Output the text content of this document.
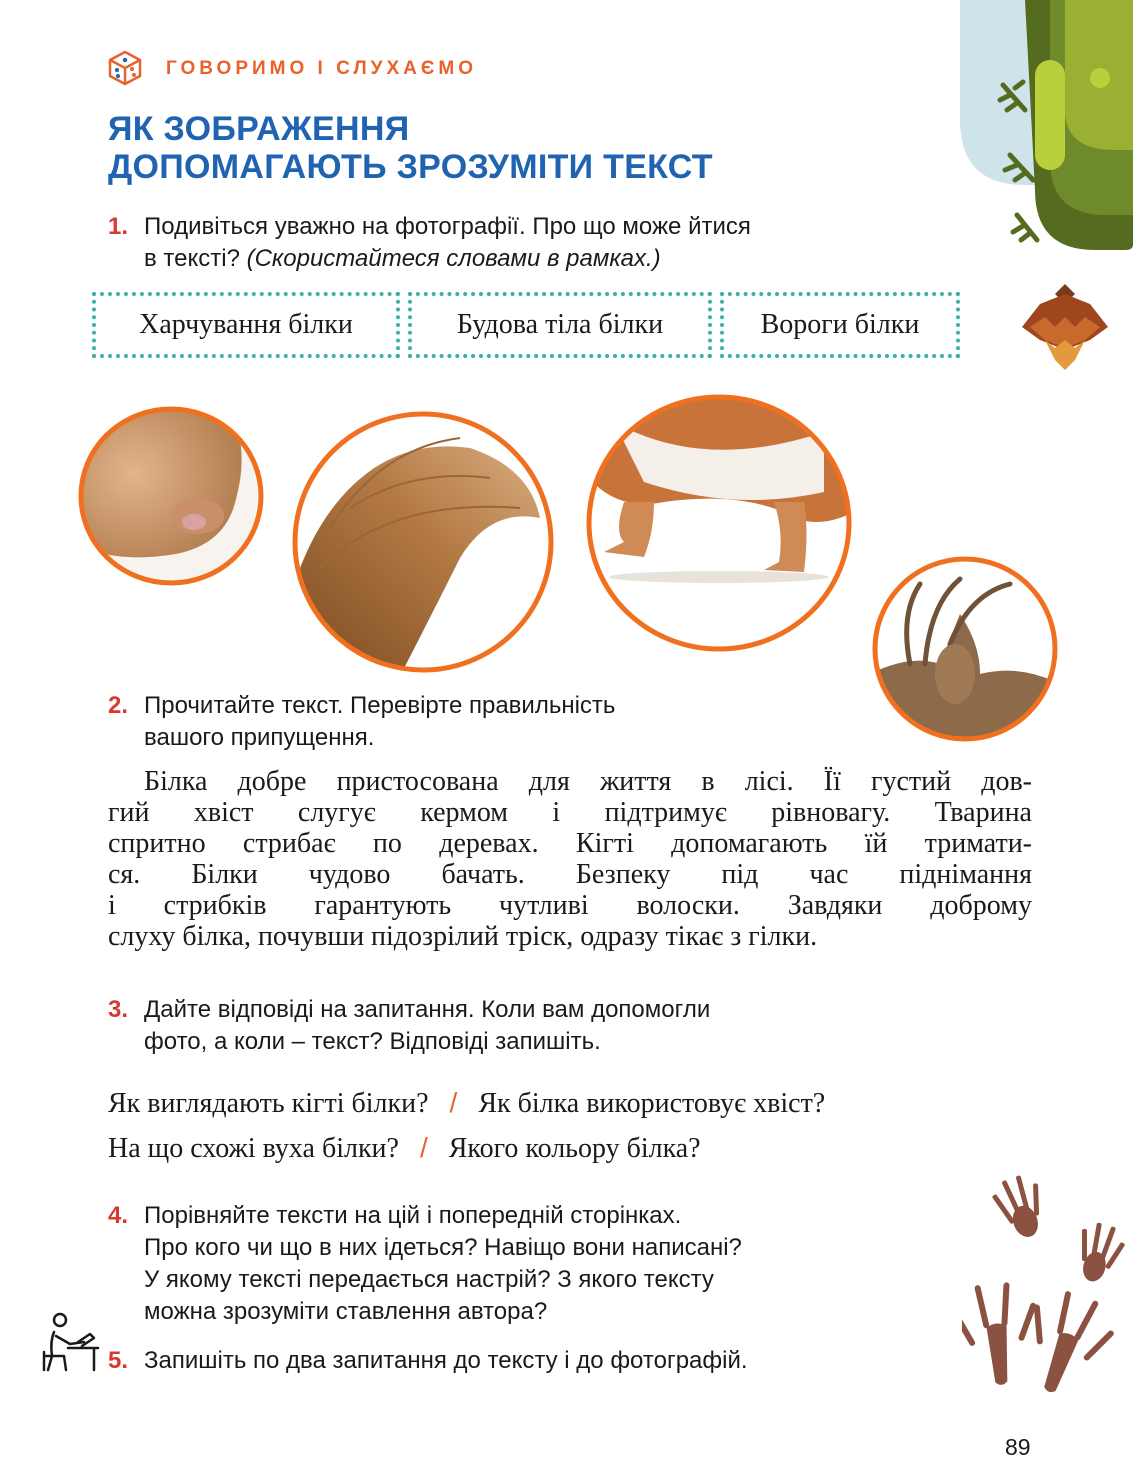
ГОВОРИМО І СЛУХАЄМО
ЯК ЗОБРАЖЕННЯ
ДОПОМАГАЮТЬ ЗРОЗУМІТИ ТЕКСТ
1. Подивіться уважно на фотографії. Про що може йтися
в тексті? (Скористайтеся словами в рамках.)
Харчування білки	Будова тіла білки	Вороги білки
2. Прочитайте текст. Перевірте правильність
вашого припущення.
Білка добре пристосована для життя в лісі. Її густий дов-
гий хвіст слугує кермом і підтримує рівновагу. Тварина
спритно стрибає по деревах. Кігті допомагають їй тримати-
ся. Білки чудово бачать. Безпеку під час піднімання
і стрибків гарантують чутливі волоски. Завдяки доброму
слуху білка, почувши підозрілий тріск, одразу тікає з гілки.
3. Дайте відповіді на запитання. Коли вам допомогли
фото, а коли – текст? Відповіді запишіть.
Як виглядають кігті білки? / Як білка використовує хвіст?
На що схожі вуха білки? / Якого кольору білка?
4. Порівняйте тексти на цій і попередній сторінках.
Про кого чи що в них ідеться? Навіщо вони написані?
У якому тексті передається настрій? З якого тексту
можна зрозуміти ставлення автора?
5. Запишіть по два запитання до тексту і до фотографій.
89
